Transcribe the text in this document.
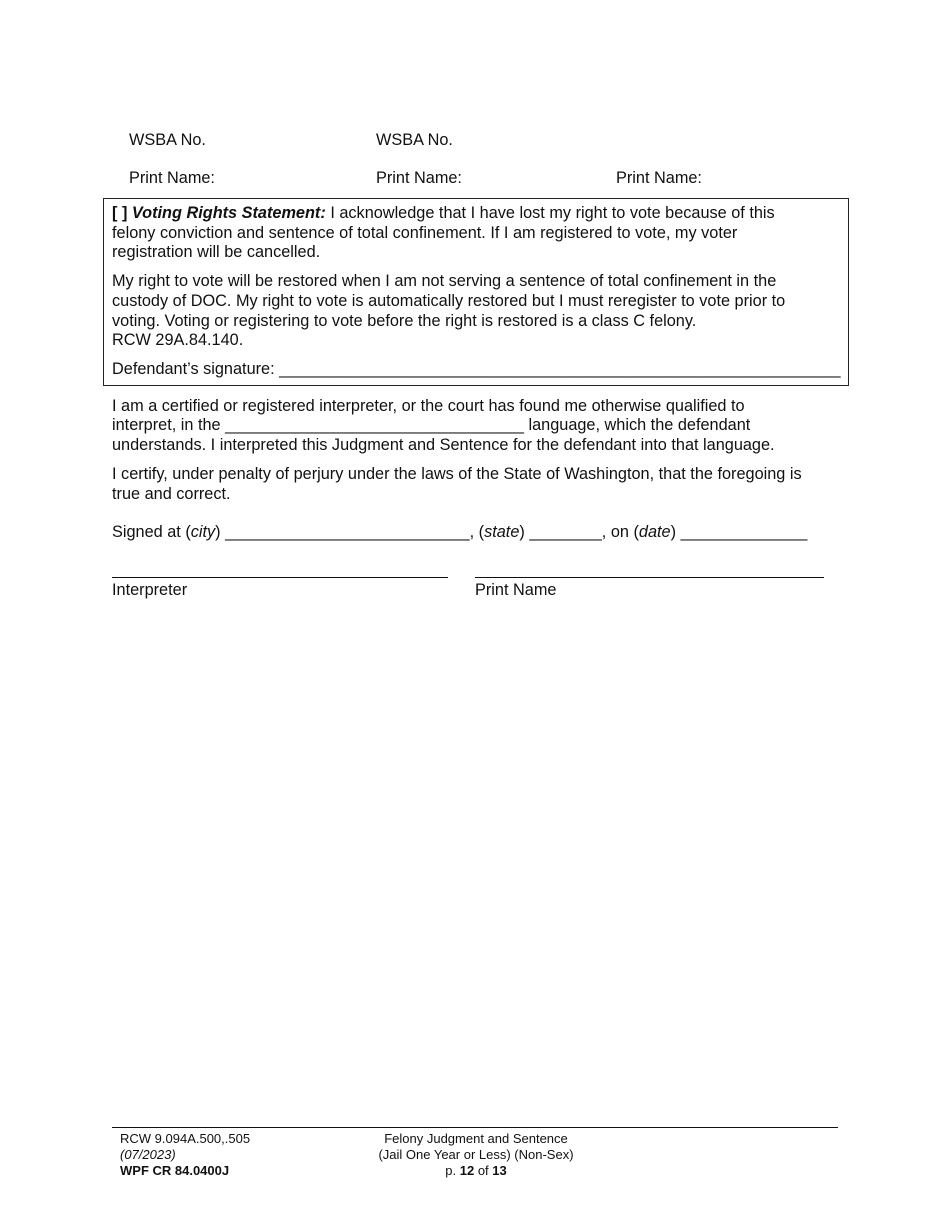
WSBA No.	WSBA No.
Print Name:	Print Name:	Print Name:
[ ] Voting Rights Statement: I acknowledge that I have lost my right to vote because of this
felony conviction and sentence of total confinement. If I am registered to vote, my voter
registration will be cancelled.
My right to vote will be restored when I am not serving a sentence of total confinement in the
custody of DOC. My right to vote is automatically restored but I must reregister to vote prior to
voting. Voting or registering to vote before the right is restored is a class C felony.
RCW 29A.84.140.
Defendant’s signature: ______________________________________________________________
I am a certified or registered interpreter, or the court has found me otherwise qualified to
interpret, in the _________________________________ language, which the defendant
understands. I interpreted this Judgment and Sentence for the defendant into that language.
I certify, under penalty of perjury under the laws of the State of Washington, that the foregoing is
true and correct.
Signed at (city) ___________________________, (state) ________, on (date) ______________
Interpreter	Print Name
RCW 9.094A.500,.505
(07/2023)
WPF CR 84.0400J
Felony Judgment and Sentence
(Jail One Year or Less) (Non-Sex)
p. 12 of 13
